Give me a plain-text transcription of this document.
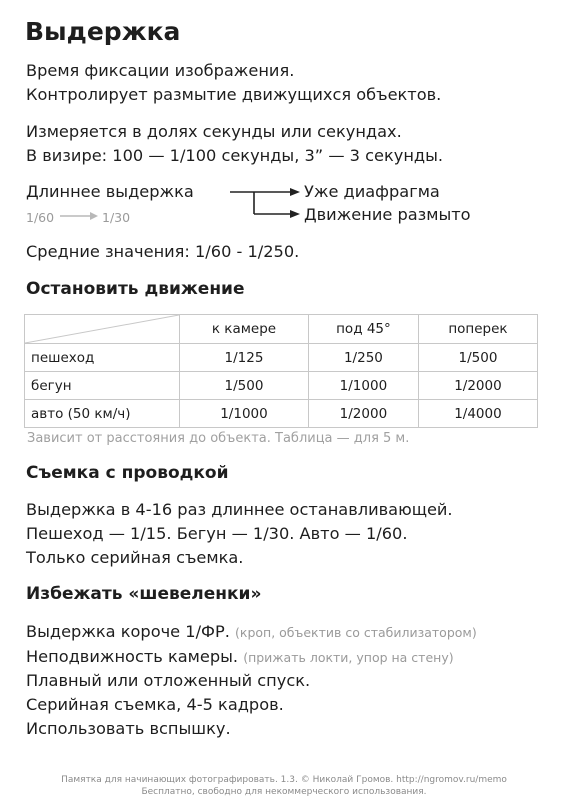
Выдержка
Время фиксации изображения.
Контролирует размытие движущихся объектов.
Измеряется в долях секунды или секундах.
В визире: 100 — 1/100 секунды, 3” — 3 секунды.
Длиннее выдержка
1/60	1/30
Уже диафрагма
Движение размыто
Средние значения: 1/60 - 1/250.
Остановить движение
	к камере	под 45°	поперек
пешеход	1/125	1/250	1/500
бегун	1/500	1/1000	1/2000
авто (50 км/ч)	1/1000	1/2000	1/4000
Зависит от расстояния до объекта. Таблица — для 5 м.
Съемка с проводкой
Выдержка в 4-16 раз длиннее останавливающей.
Пешеход — 1/15. Бегун — 1/30. Авто — 1/60.
Только серийная съемка.
Избежать «шевеленки»
Выдержка короче 1/ФР. (кроп, объектив со стабилизатором)
Неподвижность камеры. (прижать локти, упор на стену)
Плавный или отложенный спуск.
Серийная съемка, 4-5 кадров.
Использовать вспышку.
Памятка для начинающих фотографировать. 1.3. © Николай Громов. http://ngromov.ru/memo
Бесплатно, свободно для некоммерческого использования.
